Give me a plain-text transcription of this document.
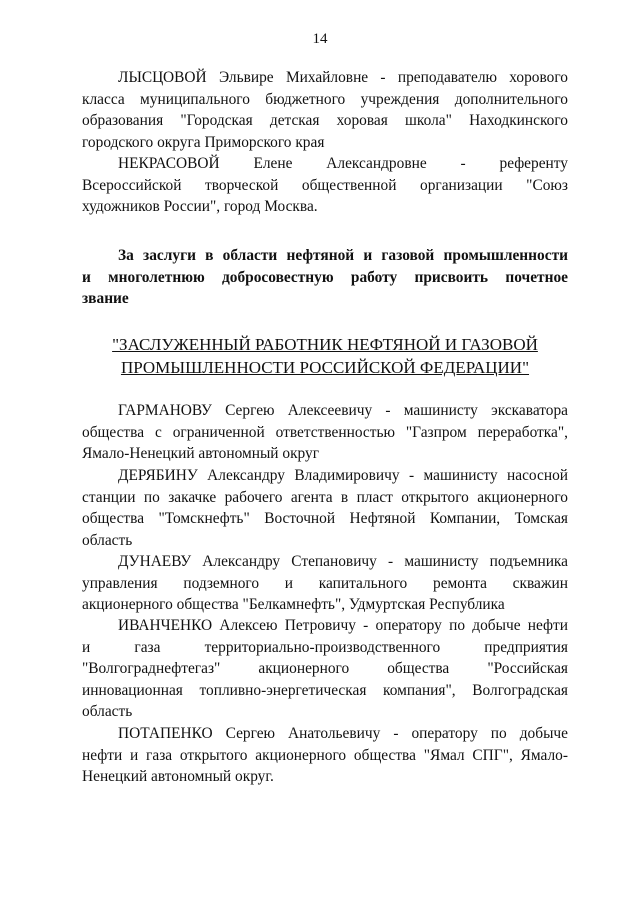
14
ЛЫСЦОВОЙ Эльвире Михайловне - преподавателю хорового
класса муниципального бюджетного учреждения дополнительного
образования "Городская детская хоровая школа" Находкинского
городского округа Приморского края
НЕКРАСОВОЙ Елене Александровне - референту
Всероссийской творческой общественной организации "Союз
художников России", город Москва.
За заслуги в области нефтяной и газовой промышленности
и многолетнюю добросовестную работу присвоить почетное
звание
"ЗАСЛУЖЕННЫЙ РАБОТНИК НЕФТЯНОЙ И ГАЗОВОЙ
ПРОМЫШЛЕННОСТИ РОССИЙСКОЙ ФЕДЕРАЦИИ"
ГАРМАНОВУ Сергею Алексеевичу - машинисту экскаватора
общества с ограниченной ответственностью "Газпром переработка",
Ямало-Ненецкий автономный округ
ДЕРЯБИНУ Александру Владимировичу - машинисту насосной
станции по закачке рабочего агента в пласт открытого акционерного
общества "Томскнефть" Восточной Нефтяной Компании, Томская
область
ДУНАЕВУ Александру Степановичу - машинисту подъемника
управления подземного и капитального ремонта скважин
акционерного общества "Белкамнефть", Удмуртская Республика
ИВАНЧЕНКО Алексею Петровичу - оператору по добыче нефти
и газа территориально-производственного предприятия
"Волгограднефтегаз" акционерного общества "Российская
инновационная топливно-энергетическая компания", Волгоградская
область
ПОТАПЕНКО Сергею Анатольевичу - оператору по добыче
нефти и газа открытого акционерного общества "Ямал СПГ", Ямало-
Ненецкий автономный округ.
